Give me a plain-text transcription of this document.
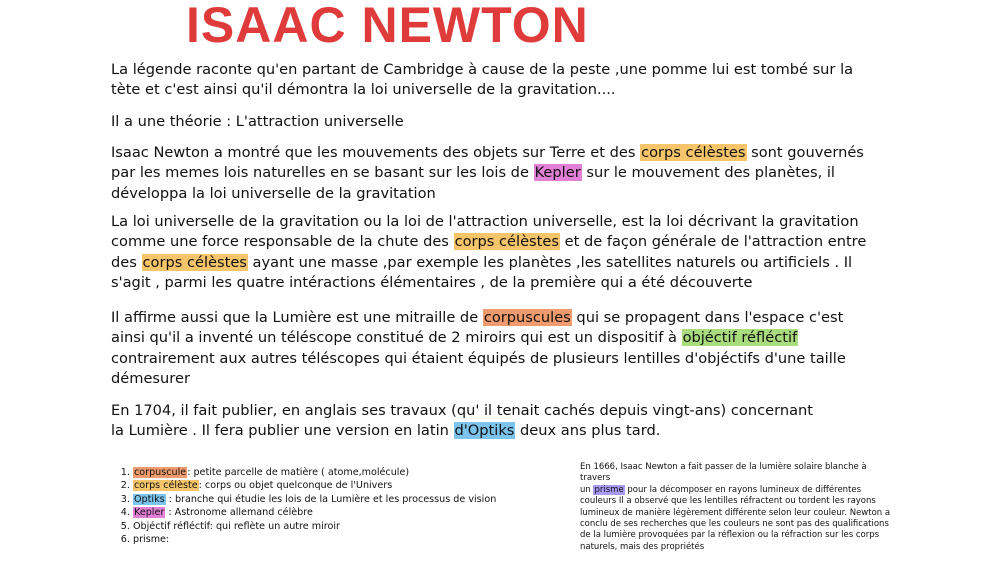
ISAAC NEWTON

La légende raconte qu'en partant de Cambridge à cause de la peste ,une pomme lui est tombé sur la tète et c'est ainsi qu'il démontra la loi universelle de la gravitation....

Il a une théorie : L'attraction universelle

Isaac Newton a montré que les mouvements des objets sur Terre et des corps célèstes sont gouvernés par les memes lois naturelles en se basant sur les lois de Kepler sur le mouvement des planètes, il développa la loi universelle de la gravitation

La loi universelle de la gravitation ou la loi de l'attraction universelle, est la loi décrivant la gravitation comme une force responsable de la chute des corps célèstes et de façon générale de l'attraction entre des corps célèstes ayant une masse ,par exemple les planètes ,les satellites naturels ou artificiels . Il s'agit , parmi les quatre intéractions élémentaires , de la première qui a été découverte

Il affirme aussi que la Lumière est une mitraille de corpuscules qui se propagent dans l'espace c'est ainsi qu'il a inventé un téléscope constitué de 2 miroirs qui est un dispositif à objéctif réfléctif contrairement aux autres téléscopes qui étaient équipés de plusieurs lentilles d'objéctifs d'une taille démesurer

En 1704, il fait publier, en anglais ses travaux (qu' il tenait cachés depuis vingt-ans) concernant
la Lumière . Il fera publier une version en latin d'Optiks deux ans plus tard.

1. corpuscule: petite parcelle de matière ( atome,molécule)
2. corps célèste: corps ou objet quelconque de l'Univers
3. Optiks : branche qui étudie les lois de la Lumière et les processus de vision
4. Kepler : Astronome allemand célèbre
5. Objéctif réfléctif: qui reflète un autre miroir
6. prisme:

En 1666, Isaac Newton a fait passer de la lumière solaire blanche à travers
un prisme pour la décomposer en rayons lumineux de différentes couleurs Il a observé que les lentilles réfractent ou tordent les rayons lumineux de manière légèrement différente selon leur couleur. Newton a conclu de ses recherches que les couleurs ne sont pas des qualifications de la lumière provoquées par la réflexion ou la réfraction sur les corps naturels, mais des propriétés
